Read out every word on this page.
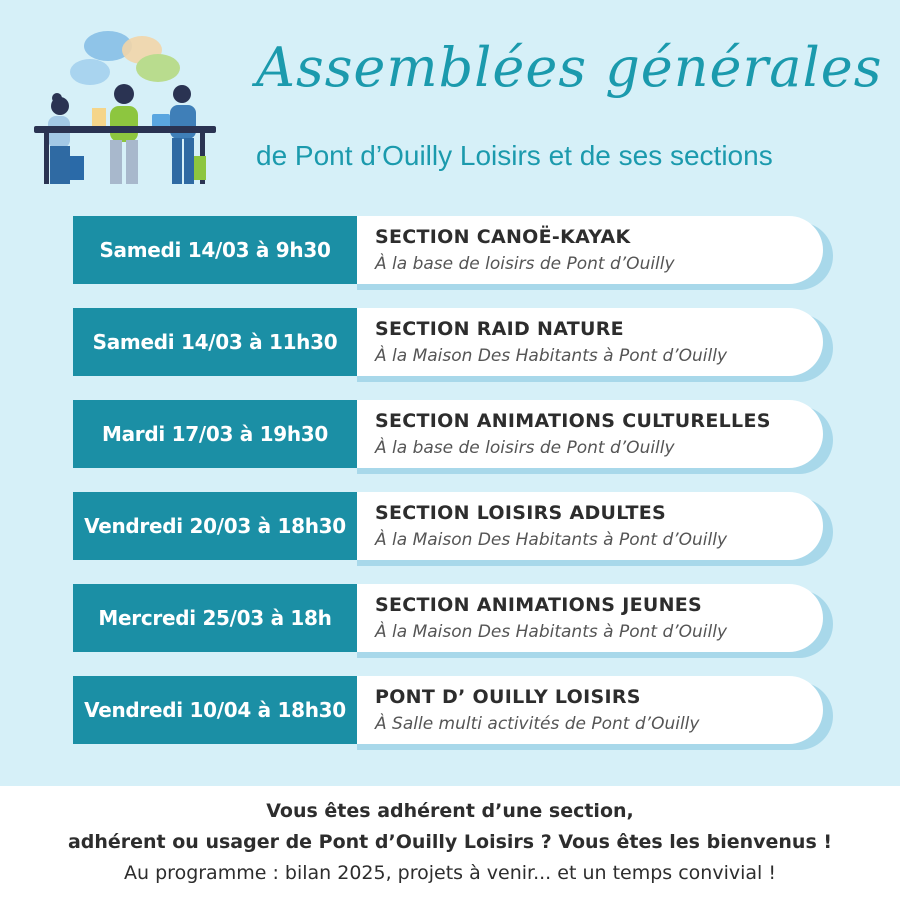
Assemblées générales
de Pont d’Ouilly Loisirs et de ses sections
Samedi 14/03 à 9h30
SECTION CANOË-KAYAK
À la base de loisirs de Pont d’Ouilly
Samedi 14/03 à 11h30
SECTION RAID NATURE
À la Maison Des Habitants à Pont d’Ouilly
Mardi 17/03 à 19h30
SECTION ANIMATIONS CULTURELLES
À la base de loisirs de Pont d’Ouilly
Vendredi 20/03 à 18h30
SECTION LOISIRS ADULTES
À la Maison Des Habitants à Pont d’Ouilly
Mercredi 25/03 à 18h
SECTION ANIMATIONS JEUNES
À la Maison Des Habitants à Pont d’Ouilly
Vendredi 10/04 à 18h30
PONT D’ OUILLY LOISIRS
À Salle multi activités de Pont d’Ouilly
Vous êtes adhérent d’une section,
adhérent ou usager de Pont d’Ouilly Loisirs ? Vous êtes les bienvenus !
Au programme : bilan 2025, projets à venir... et un temps convivial !
